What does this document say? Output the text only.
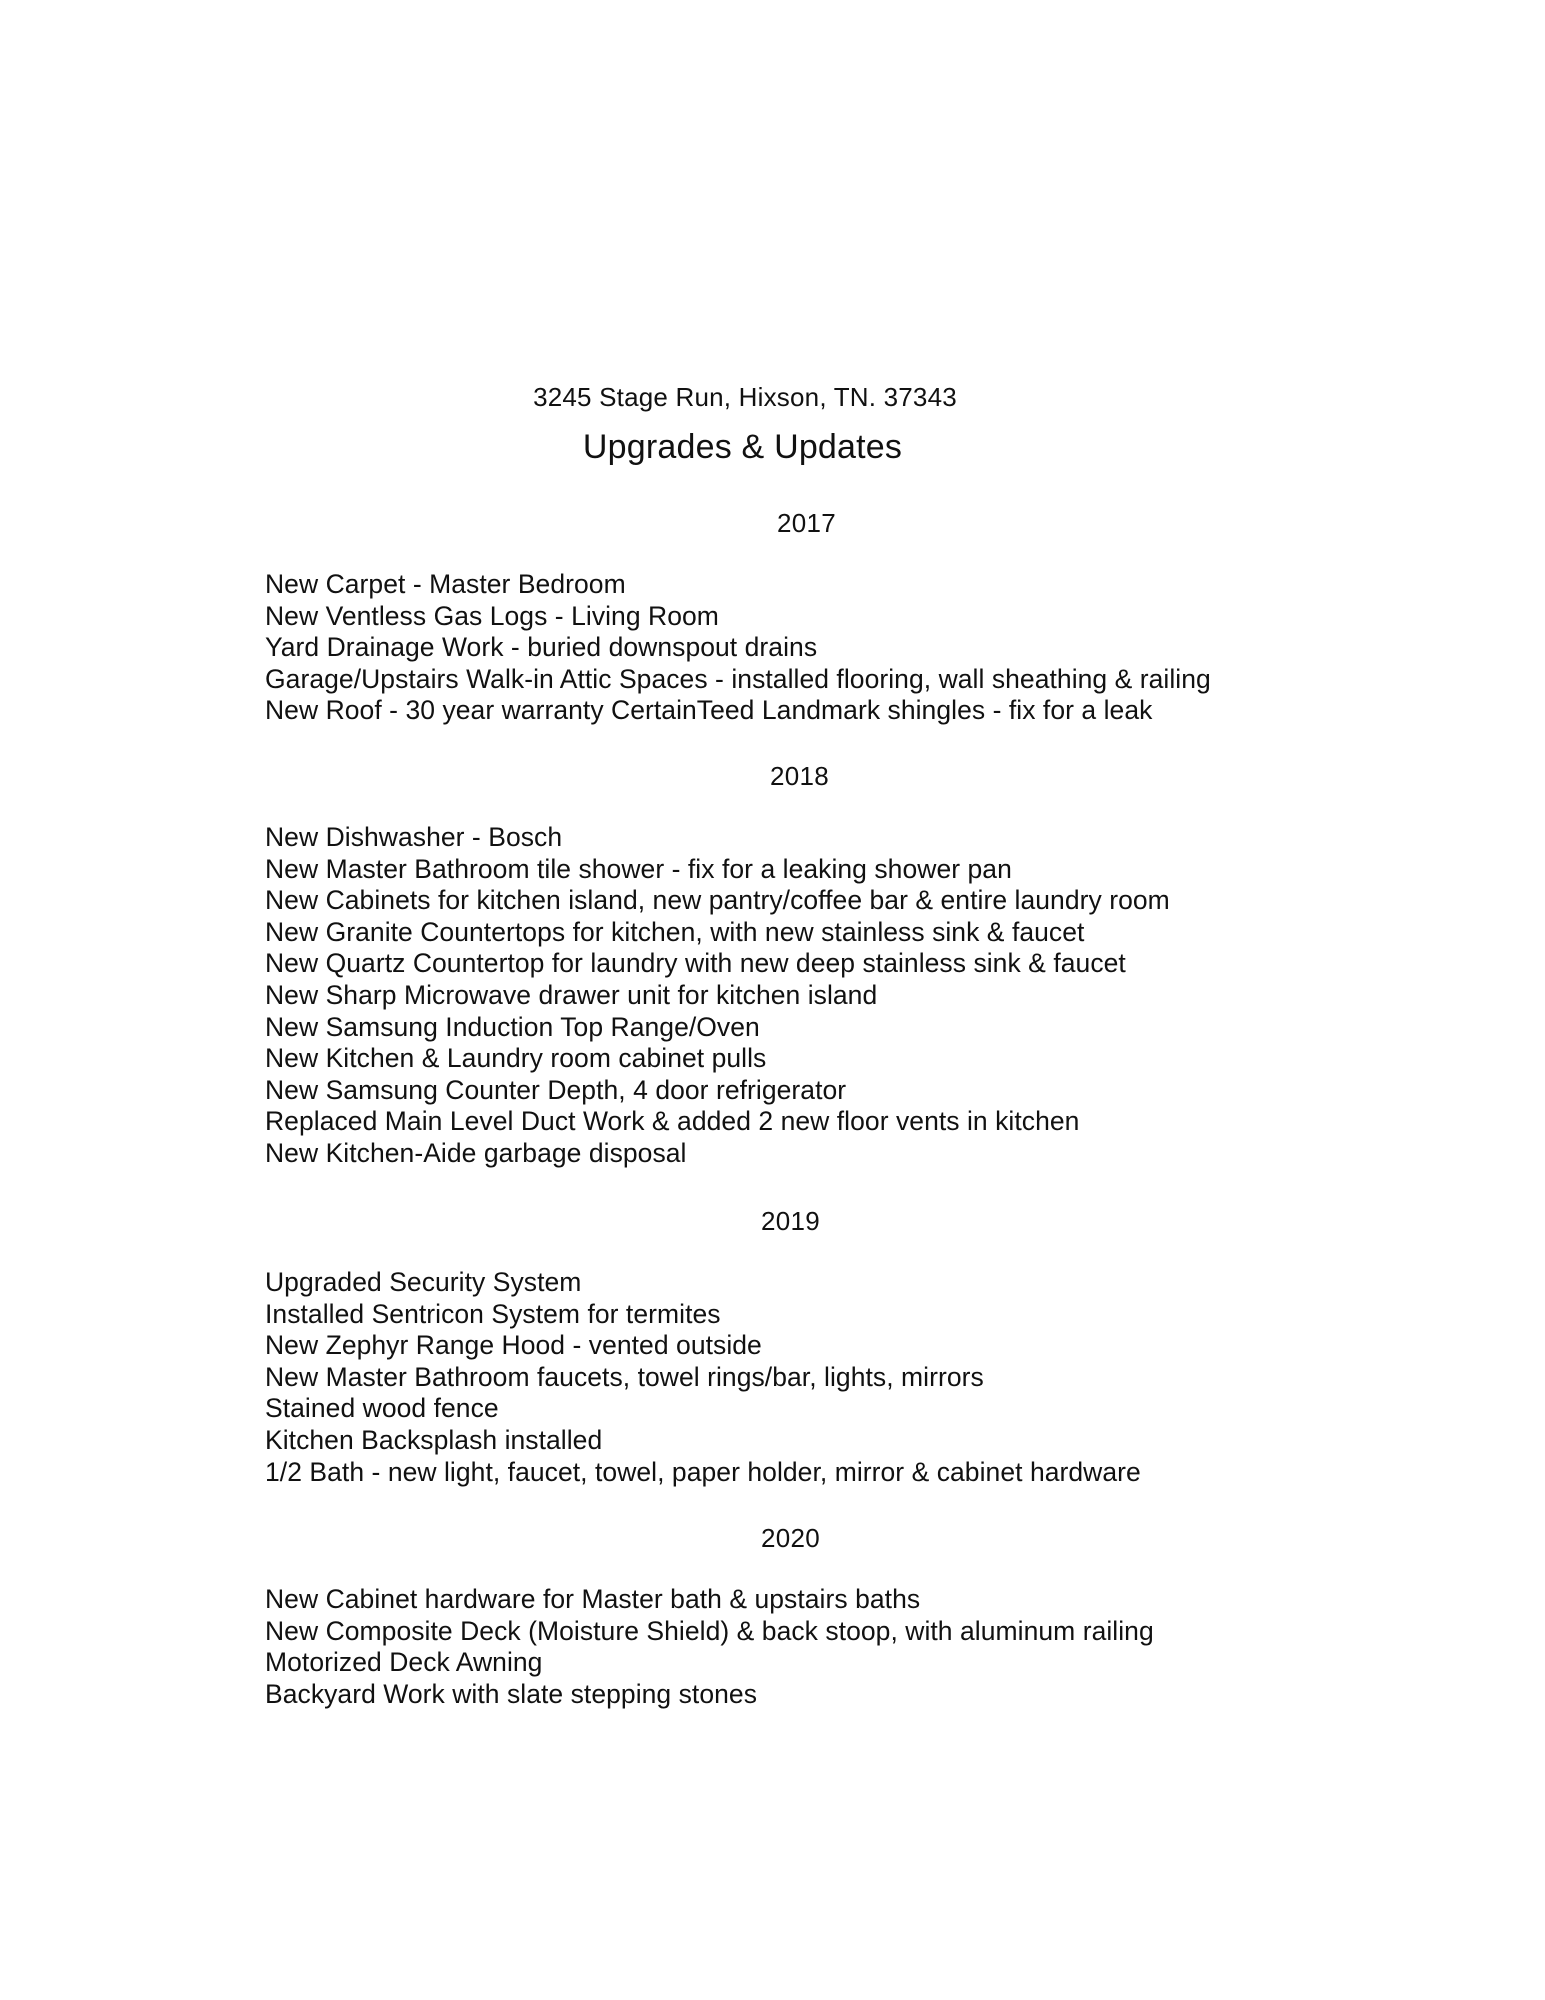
3245 Stage Run, Hixson, TN. 37343
Upgrades & Updates
2017
New Carpet - Master Bedroom
New Ventless Gas Logs - Living Room
Yard Drainage Work - buried downspout drains
Garage/Upstairs Walk-in Attic Spaces - installed flooring, wall sheathing & railing
New Roof - 30 year warranty CertainTeed Landmark shingles - fix for a leak
2018
New Dishwasher - Bosch
New Master Bathroom tile shower - fix for a leaking shower pan
New Cabinets for kitchen island, new pantry/coffee bar & entire laundry room
New Granite Countertops for kitchen, with new stainless sink & faucet
New Quartz Countertop for laundry with new deep stainless sink & faucet
New Sharp Microwave drawer unit for kitchen island
New Samsung Induction Top Range/Oven
New Kitchen & Laundry room cabinet pulls
New Samsung Counter Depth, 4 door refrigerator
Replaced Main Level Duct Work & added 2 new floor vents in kitchen
New Kitchen-Aide garbage disposal
2019
Upgraded Security System
Installed Sentricon System for termites
New Zephyr Range Hood - vented outside
New Master Bathroom faucets, towel rings/bar, lights, mirrors
Stained wood fence
Kitchen Backsplash installed
1/2 Bath - new light, faucet, towel, paper holder, mirror & cabinet hardware
2020
New Cabinet hardware for Master bath & upstairs baths
New Composite Deck (Moisture Shield) & back stoop, with aluminum railing
Motorized Deck Awning
Backyard Work with slate stepping stones
